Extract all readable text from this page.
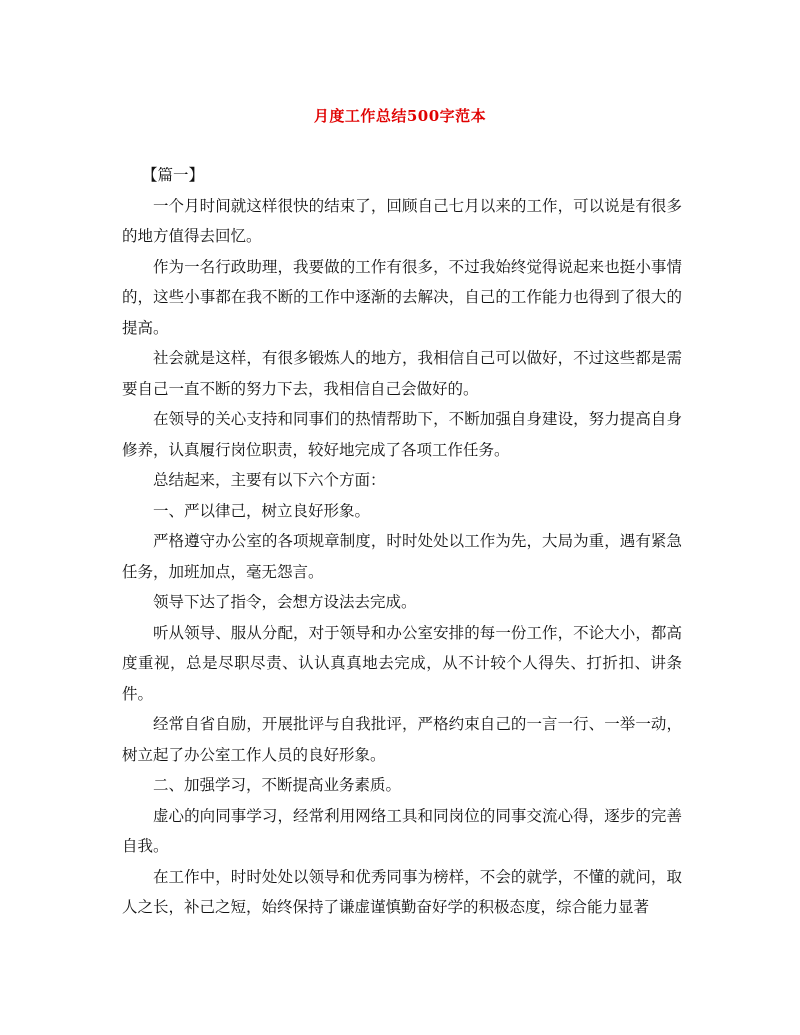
月度工作总结500字范本

【篇一】

一个月时间就这样很快的结束了，回顾自己七月以来的工作，可以说是有很多的地方值得去回忆。

作为一名行政助理，我要做的工作有很多，不过我始终觉得说起来也挺小事情的，这些小事都在我不断的工作中逐渐的去解决，自己的工作能力也得到了很大的提高。

社会就是这样，有很多锻炼人的地方，我相信自己可以做好，不过这些都是需要自己一直不断的努力下去，我相信自己会做好的。

在领导的关心支持和同事们的热情帮助下，不断加强自身建设，努力提高自身修养，认真履行岗位职责，较好地完成了各项工作任务。

总结起来，主要有以下六个方面：

一、严以律己，树立良好形象。

严格遵守办公室的各项规章制度，时时处处以工作为先，大局为重，遇有紧急任务，加班加点，毫无怨言。

领导下达了指令，会想方设法去完成。

听从领导、服从分配，对于领导和办公室安排的每一份工作，不论大小，都高度重视，总是尽职尽责、认认真真地去完成，从不计较个人得失、打折扣、讲条件。

经常自省自励，开展批评与自我批评，严格约束自己的一言一行、一举一动，树立起了办公室工作人员的良好形象。

二、加强学习，不断提高业务素质。

虚心的向同事学习，经常利用网络工具和同岗位的同事交流心得，逐步的完善自我。

在工作中，时时处处以领导和优秀同事为榜样，不会的就学，不懂的就问，取人之长，补己之短，始终保持了谦虚谨慎勤奋好学的积极态度，综合能力显著
